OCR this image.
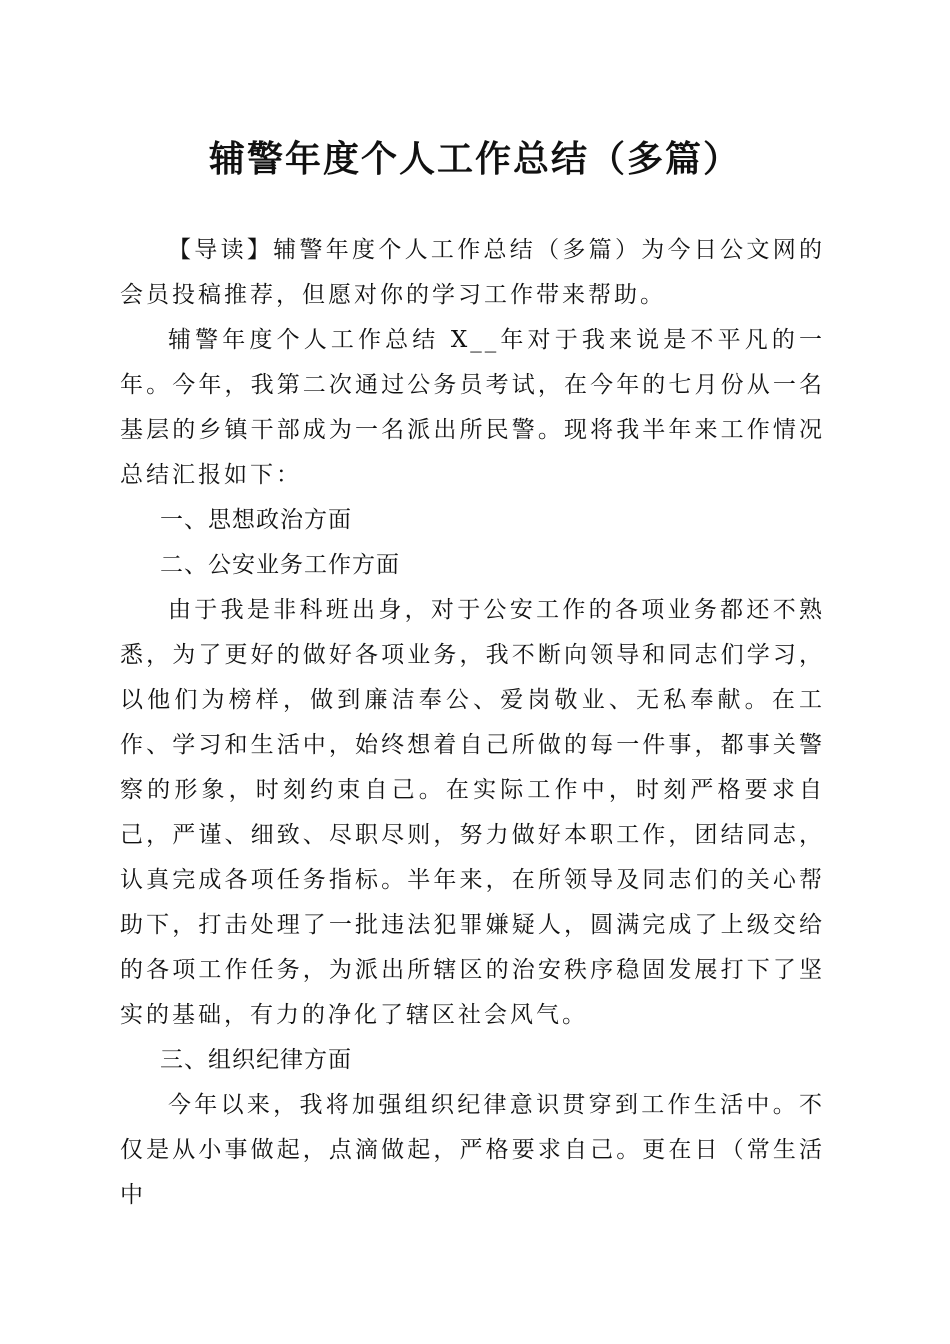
辅警年度个人工作总结（多篇）

【导读】辅警年度个人工作总结（多篇）为今日公文网的会员投稿推荐，但愿对你的学习工作带来帮助。

辅警年度个人工作总结 X__年对于我来说是不平凡的一年。今年，我第二次通过公务员考试，在今年的七月份从一名基层的乡镇干部成为一名派出所民警。现将我半年来工作情况总结汇报如下：

一、思想政治方面

二、公安业务工作方面

由于我是非科班出身，对于公安工作的各项业务都还不熟悉，为了更好的做好各项业务，我不断向领导和同志们学习，以他们为榜样，做到廉洁奉公、爱岗敬业、无私奉献。在工作、学习和生活中，始终想着自己所做的每一件事，都事关警察的形象，时刻约束自己。在实际工作中，时刻严格要求自己，严谨、细致、尽职尽则，努力做好本职工作，团结同志，认真完成各项任务指标。半年来，在所领导及同志们的关心帮助下，打击处理了一批违法犯罪嫌疑人，圆满完成了上级交给的各项工作任务，为派出所辖区的治安秩序稳固发展打下了坚实的基础，有力的净化了辖区社会风气。

三、组织纪律方面

今年以来，我将加强组织纪律意识贯穿到工作生活中。不仅是从小事做起，点滴做起，严格要求自己。更在日（常生活中
